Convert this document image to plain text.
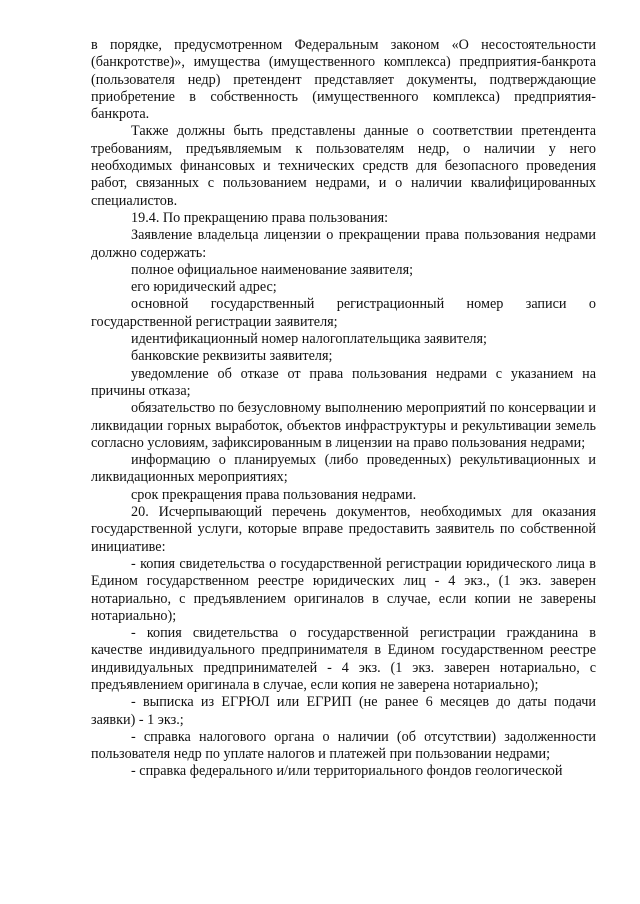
в порядке, предусмотренном Федеральным законом «О несостоятельности (банкротстве)», имущества (имущественного комплекса) предприятия-банкрота (пользователя недр) претендент представляет документы, подтверждающие приобретение в собственность (имущественного комплекса) предприятия-банкрота.

Также должны быть представлены данные о соответствии претендента требованиям, предъявляемым к пользователям недр, о наличии у него необходимых финансовых и технических средств для безопасного проведения работ, связанных с пользованием недрами, и о наличии квалифицированных специалистов.

19.4. По прекращению права пользования:

Заявление владельца лицензии о прекращении права пользования недрами должно содержать:

полное официальное наименование заявителя;

его юридический адрес;

основной государственный регистрационный номер записи о государственной регистрации заявителя;

идентификационный номер налогоплательщика заявителя;

банковские реквизиты заявителя;

уведомление об отказе от права пользования недрами с указанием на причины отказа;

обязательство по безусловному выполнению мероприятий по консервации и ликвидации горных выработок, объектов инфраструктуры и рекультивации земель согласно условиям, зафиксированным в лицензии на право пользования недрами;

информацию о планируемых (либо проведенных) рекультивационных и ликвидационных мероприятиях;

срок прекращения права пользования недрами.

20. Исчерпывающий перечень документов, необходимых для оказания государственной услуги, которые вправе предоставить заявитель по собственной инициативе:

- копия свидетельства о государственной регистрации юридического лица в Едином государственном реестре юридических лиц - 4 экз., (1 экз. заверен нотариально, с предъявлением оригиналов в случае, если копии не заверены нотариально);

- копия свидетельства о государственной регистрации гражданина в качестве индивидуального предпринимателя в Едином государственном реестре индивидуальных предпринимателей - 4 экз. (1 экз. заверен нотариально, с предъявлением оригинала в случае, если копия не заверена нотариально);

- выписка из ЕГРЮЛ или ЕГРИП (не ранее 6 месяцев до даты подачи заявки) - 1 экз.;

- справка налогового органа о наличии (об отсутствии) задолженности пользователя недр по уплате налогов и платежей при пользовании недрами;

- справка федерального и/или территориального фондов геологической
